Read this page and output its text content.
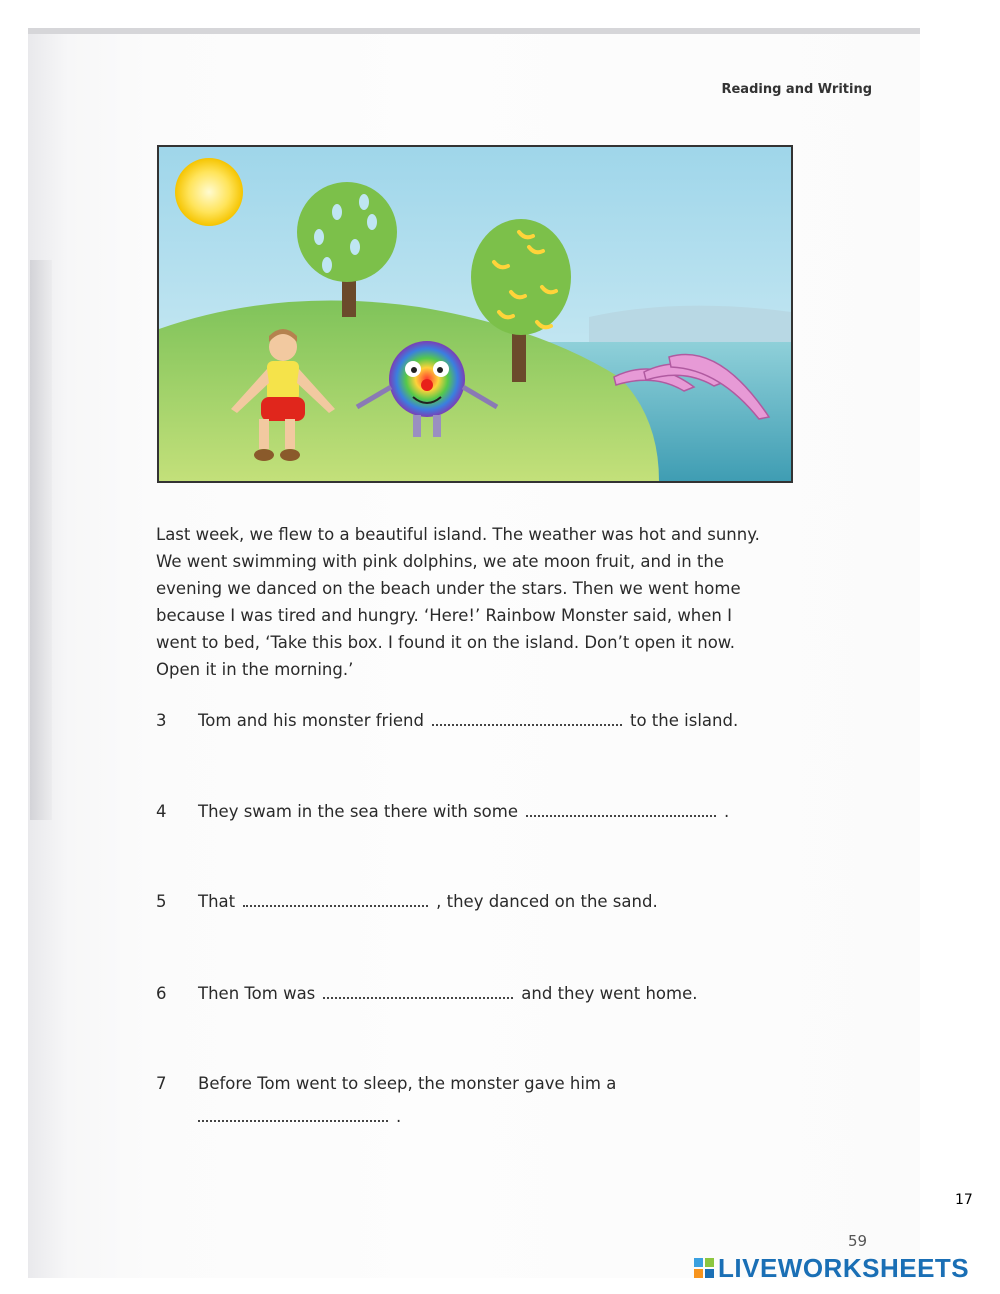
Reading and Writing

Last week, we flew to a beautiful island. The weather was hot and sunny.

We went swimming with pink dolphins, we ate moon fruit, and in the

evening we danced on the beach under the stars. Then we went home

because I was tired and hungry. ‘Here!’ Rainbow Monster said, when I

went to bed, ‘Take this box. I found it on the island. Don’t open it now.

Open it in the morning.’

3	Tom and his monster friend	to the island.
4	They swam in the sea there with some	.
5	That	, they danced on the sand.
6	Then Tom was	and they went home.
7	Before Tom went to sleep, the monster gave him a
.
17
59
LIVEWORKSHEETS
